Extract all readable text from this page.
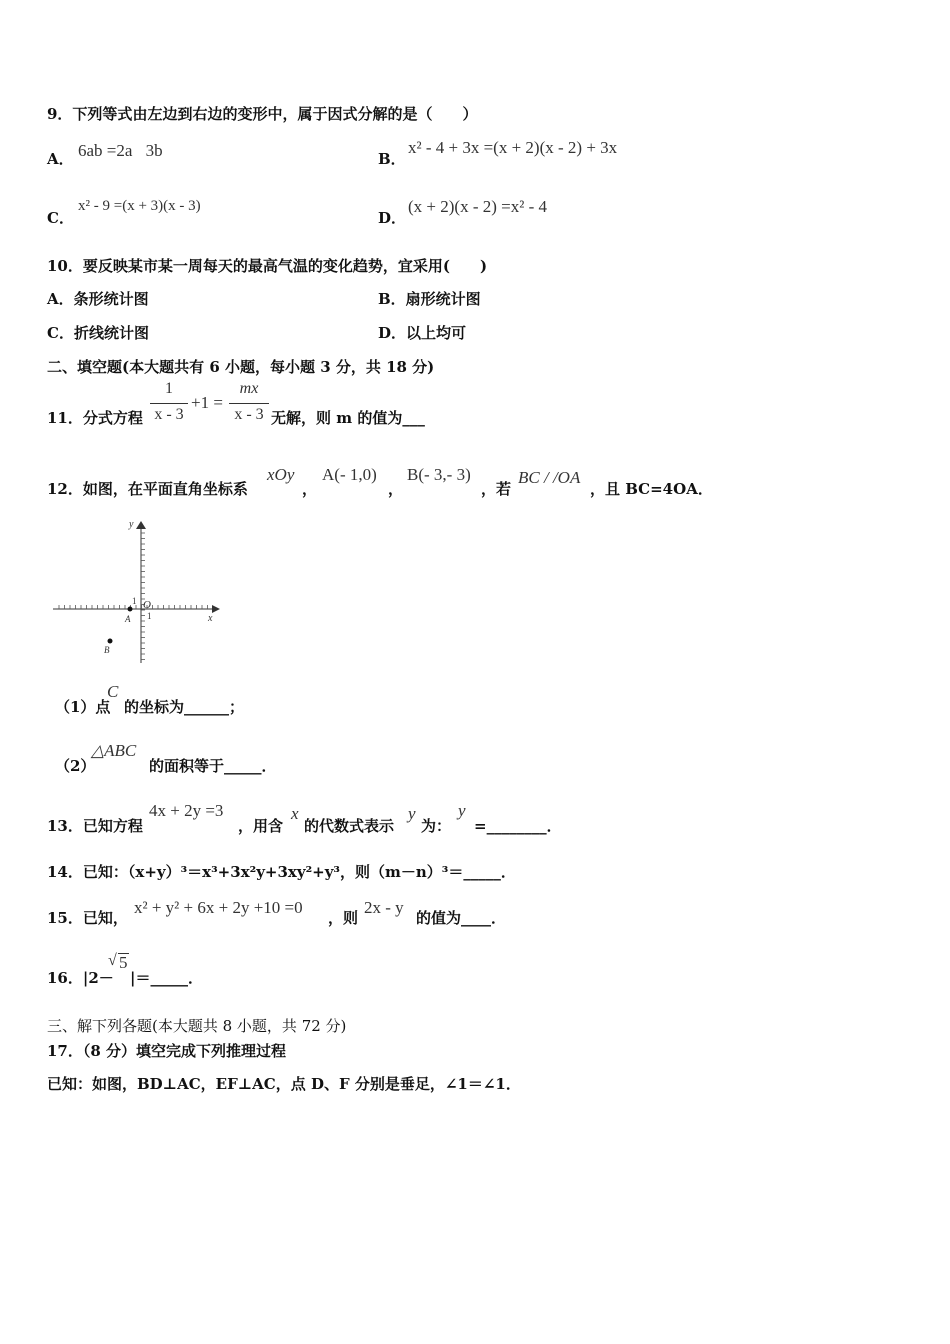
9．下列等式由左边到右边的变形中，属于因式分解的是（　　）
A． 6ab =2a⃞3b	B．
x² - 4 + 3x =(x + 2)(x - 2) + 3x
C．
x² - 9 =(x + 3)(x - 3)
D．
(x + 2)(x - 2) =x² - 4
10．要反映某市某一周每天的最高气温的变化趋势，宜采用(　　)
A．条形统计图	B．扇形统计图
C．折线统计图	D．以上均可
二、填空题(本大题共有 6 小题，每小题 3 分，共 18 分)
11．分式方程
1
x - 3
+1 =
mx
x - 3 无解，则 m 的值为___
12．如图，在平面直角坐标系
xOy
，
A(- 1,0)
，
B(- 3,- 3)
，若
BC / /OA
，且 BC=4OA．
y
x
O
1
1
A
B
（1）点
C
的坐标为______；
（2）
△ABC
的面积等于_____．
13．已知方程
4x + 2y =3
，用含
x
的代数式表示
y
为：
y
=________．
14．已知：（x+y）³＝x³+3x²y+3xy²+y³，则（m－n）³＝_____．
15．已知，
x² + y² + 6x + 2y +10 =0
，则
2x - y
的值为____．
16．|2－
√ 5
|＝_____．
三、解下列各题(本大题共 8 小题，共 72 分)
17．（8 分）填空完成下列推理过程
已知：如图，BD⊥AC，EF⊥AC，点 D、F 分别是垂足，∠1＝∠1．
